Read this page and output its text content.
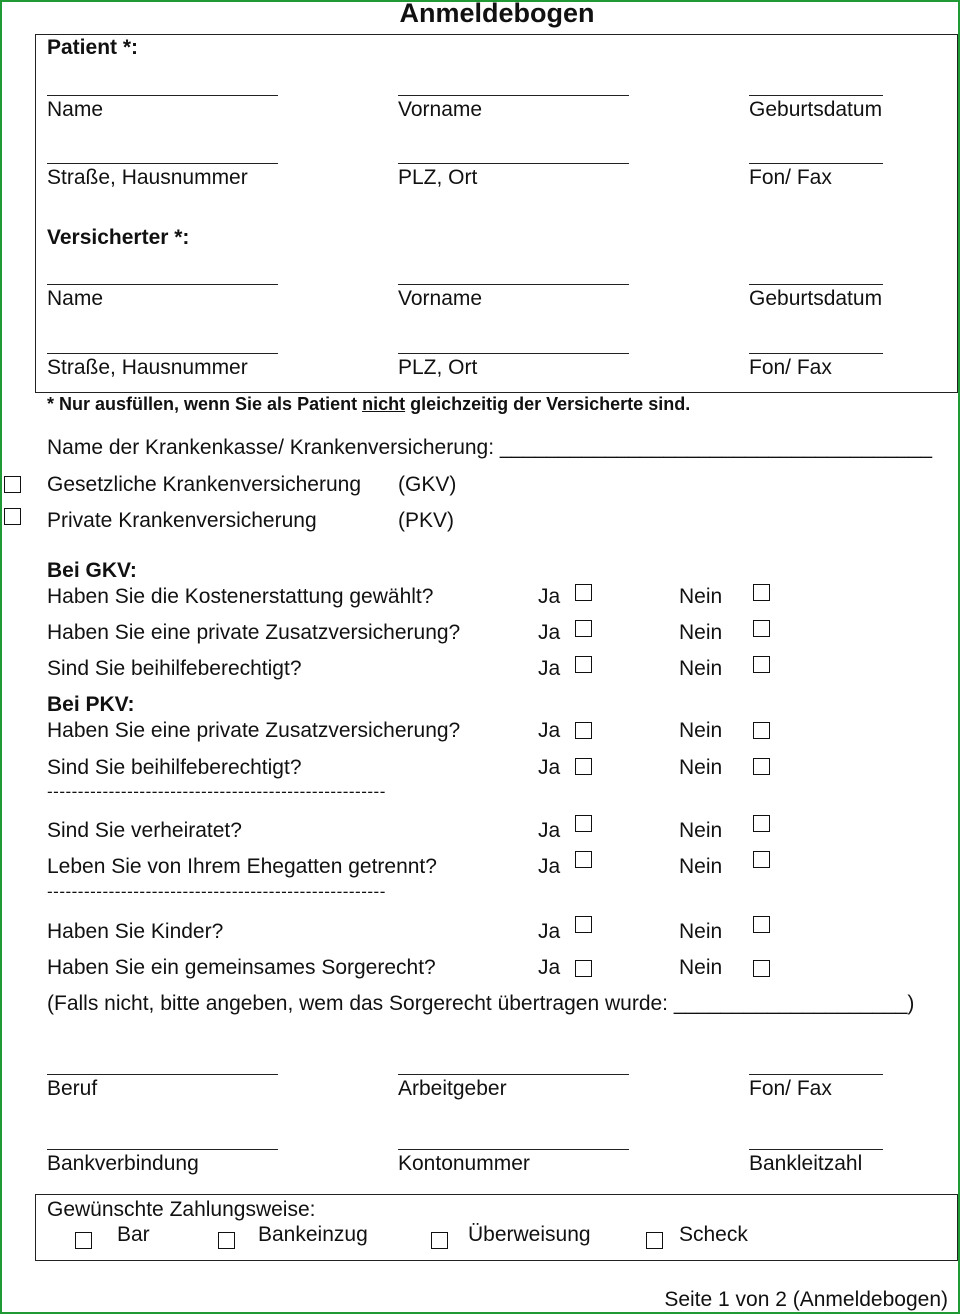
Anmeldebogen
Patient *:
Name	Vorname	Geburtsdatum
Straße, Hausnummer	PLZ, Ort	Fon/ Fax
Versicherter *:
Name	Vorname	Geburtsdatum
Straße, Hausnummer	PLZ, Ort	Fon/ Fax
* Nur ausfüllen, wenn Sie als Patient nicht gleichzeitig der Versicherte sind.
Name der Krankenkasse/ Krankenversicherung: _____________________________________
Gesetzliche Krankenversicherung (GKV)
Private Krankenversicherung	(PKV)
Bei GKV:
Haben Sie die Kostenerstattung gewählt?	Ja	Nein
Haben Sie eine private Zusatzversicherung?	Ja	Nein
Sind Sie beihilfeberechtigt?	Ja	Nein
Bei PKV:
Haben Sie eine private Zusatzversicherung?	Ja	Nein
Sind Sie beihilfeberechtigt?	Ja	Nein
-------------------------------------------------------
Sind Sie verheiratet?	Ja	Nein
Leben Sie von Ihrem Ehegatten getrennt?	Ja	Nein
-------------------------------------------------------
Haben Sie Kinder?	Ja	Nein
Haben Sie ein gemeinsames Sorgerecht?	Ja	Nein
(Falls nicht, bitte angeben, wem das Sorgerecht übertragen wurde: ____________________)
Beruf	Arbeitgeber	Fon/ Fax
Bankverbindung	Kontonummer	Bankleitzahl
Gewünschte Zahlungsweise:
Bar	Bankeinzug	Überweisung	Scheck
Seite 1 von 2 (Anmeldebogen)
